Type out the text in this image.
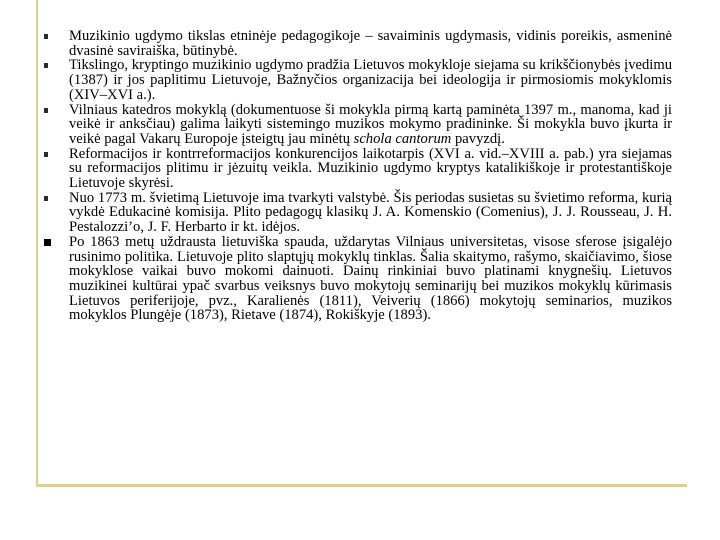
Muzikinio ugdymo tikslas etninėje pedagogikoje – savaiminis ugdymasis, vidinis poreikis, asmeninė dvasinė saviraiška, būtinybė.
Tikslingo, kryptingo muzikinio ugdymo pradžia Lietuvos mokykloje siejama su krikščionybės įvedimu (1387) ir jos paplitimu Lietuvoje, Bažnyčios organizacija bei ideologija ir pirmosiomis mokyklomis (XIV–XVI a.).
Vilniaus katedros mokyklą (dokumentuose ši mokykla pirmą kartą paminėta 1397 m., manoma, kad ji veikė ir anksčiau) galima laikyti sistemingo muzikos mokymo pradininke. Ši mokykla buvo įkurta ir veikė pagal Vakarų Europoje įsteigtų jau minėtų schola cantorum pavyzdį.
Reformacijos ir kontrreformacijos konkurencijos laikotarpis (XVI a. vid.–XVIII a. pab.) yra siejamas su reformacijos plitimu ir jėzuitų veikla. Muzikinio ugdymo kryptys katalikiškoje ir protestantiškoje Lietuvoje skyrėsi.
Nuo 1773 m. švietimą Lietuvoje ima tvarkyti valstybė. Šis periodas susietas su švietimo reforma, kurią vykdė Edukacinė komisija. Plito pedagogų klasikų J. A. Komenskio (Comenius), J. J. Rousseau, J. H. Pestalozzi’o, J. F. Herbarto ir kt. idėjos.
Po 1863 metų uždrausta lietuviška spauda, uždarytas Vilniaus universitetas, visose sferose įsigalėjo rusinimo politika. Lietuvoje plito slaptųjų mokyklų tinklas. Šalia skaitymo, rašymo, skaičiavimo, šiose mokyklose vaikai buvo mokomi dainuoti. Dainų rinkiniai buvo platinami knygnešių. Lietuvos muzikinei kultūrai ypač svarbus veiksnys buvo mokytojų seminarijų bei muzikos mokyklų kūrimasis Lietuvos periferijoje, pvz., Karalienės (1811), Veiverių (1866) mokytojų seminarios, muzikos mokyklos Plungėje (1873), Rietave (1874), Rokiškyje (1893).
